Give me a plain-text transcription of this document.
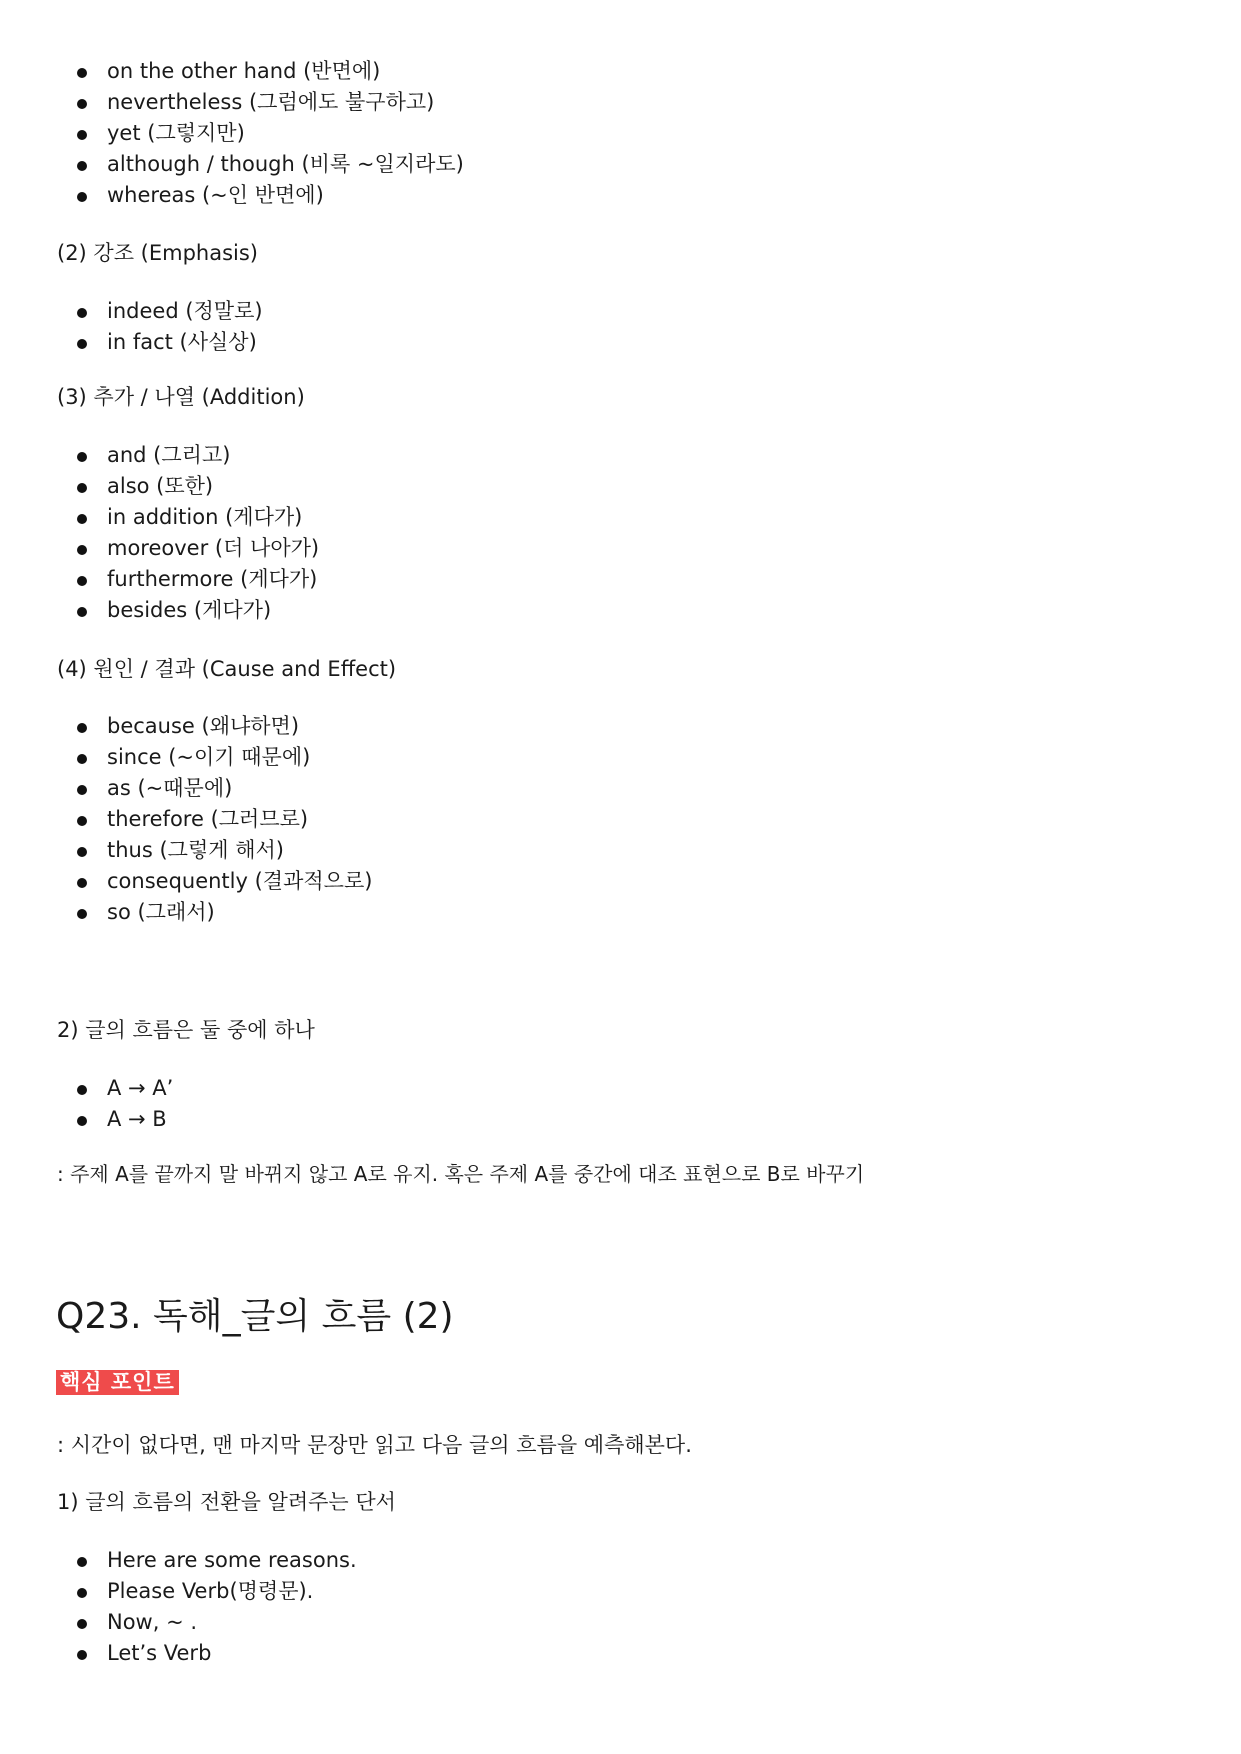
on the other hand (반면에)
nevertheless (그럼에도 불구하고)
yet (그렇지만)
although / though (비록 ~일지라도)
whereas (~인 반면에)
(2) 강조 (Emphasis)
indeed (정말로)
in fact (사실상)
(3) 추가 / 나열 (Addition)
and (그리고)
also (또한)
in addition (게다가)
moreover (더 나아가)
furthermore (게다가)
besides (게다가)
(4) 원인 / 결과 (Cause and Effect)
because (왜냐하면)
since (~이기 때문에)
as (~때문에)
therefore (그러므로)
thus (그렇게 해서)
consequently (결과적으로)
so (그래서)
2) 글의 흐름은 둘 중에 하나
A → A’
A → B
: 주제 A를 끝까지 말 바뀌지 않고 A로 유지. 혹은 주제 A를 중간에 대조 표현으로 B로 바꾸기
Q23. 독해_글의 흐름 (2)
핵심 포인트
: 시간이 없다면, 맨 마지막 문장만 읽고 다음 글의 흐름을 예측해본다.
1) 글의 흐름의 전환을 알려주는 단서
Here are some reasons.
Please Verb(명령문).
Now, ~ .
Let’s Verb
